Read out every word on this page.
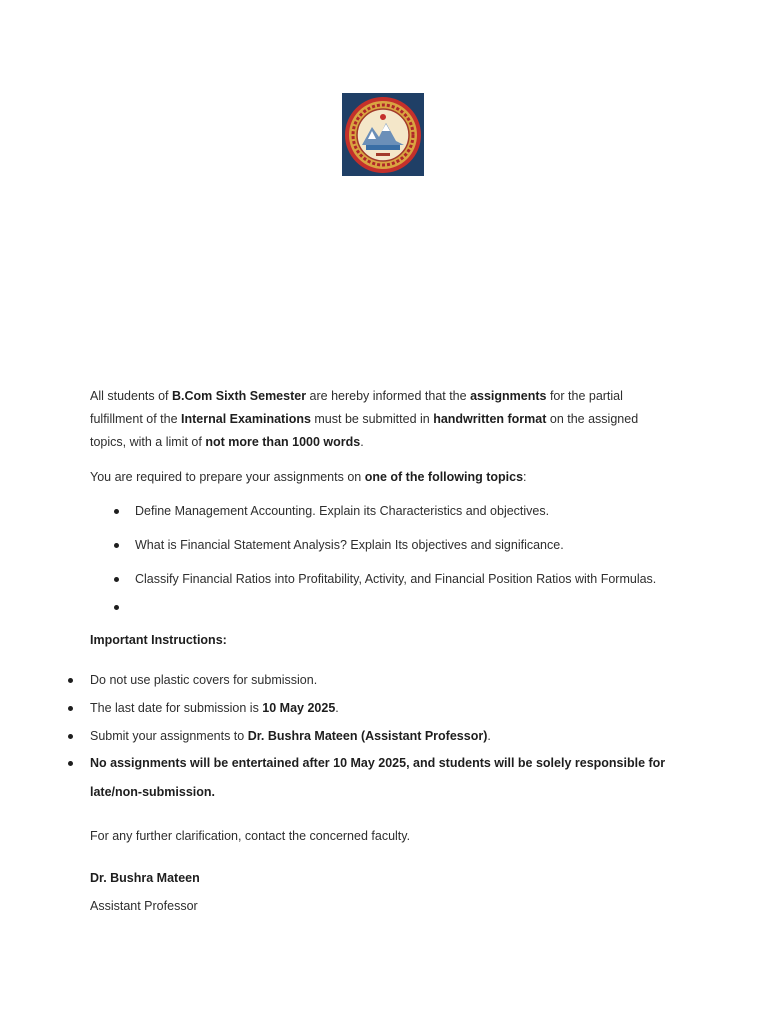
All students of B.Com Sixth Semester are hereby informed that the assignments for the partial

fulfillment of the Internal Examinations must be submitted in handwritten format on the assigned

topics, with a limit of not more than 1000 words.

You are required to prepare your assignments on one of the following topics:

Define Management Accounting. Explain its Characteristics and objectives.

What is Financial Statement Analysis? Explain Its objectives and significance.

Classify Financial Ratios into Profitability, Activity, and Financial Position Ratios with Formulas.

Important Instructions:

Do not use plastic covers for submission.

The last date for submission is 10 May 2025.

Submit your assignments to Dr. Bushra Mateen (Assistant Professor).

No assignments will be entertained after 10 May 2025, and students will be solely responsible for

late/non-submission.

For any further clarification, contact the concerned faculty.

Dr. Bushra Mateen

Assistant Professor
